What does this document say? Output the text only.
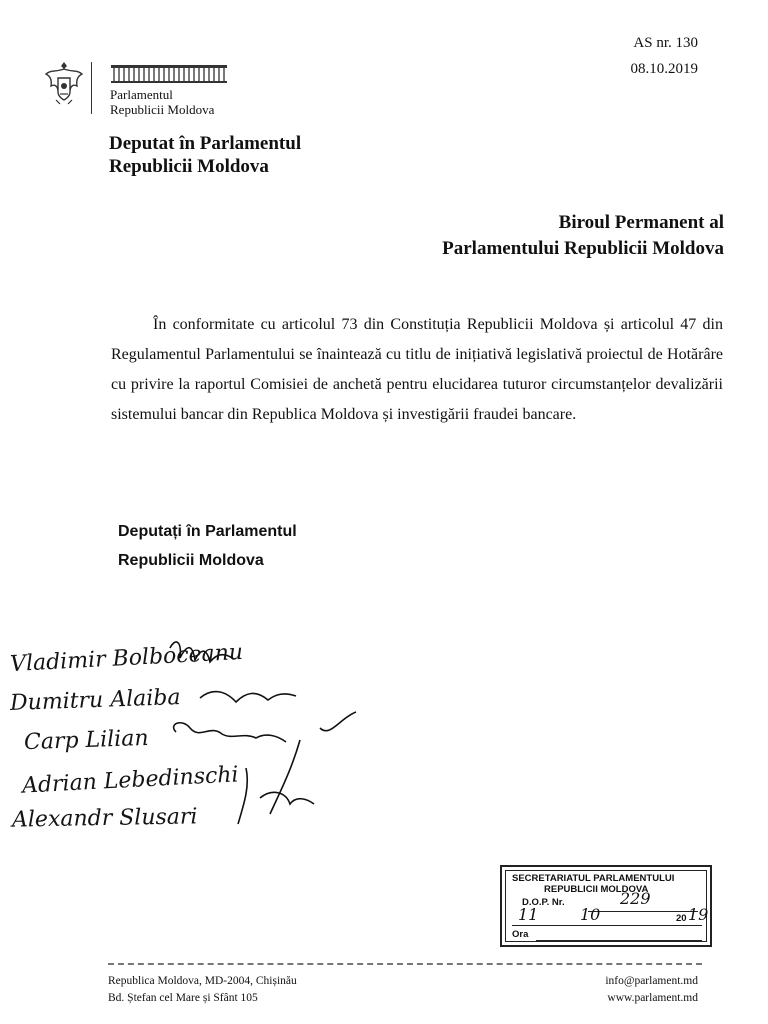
AS nr. 130
08.10.2019
Parlamentul
Republicii Moldova
Deputat în Parlamentul
Republicii Moldova
Biroul Permanent al
Parlamentului Republicii Moldova

În conformitate cu articolul 73 din Constituția Republicii Moldova și articolul 47 din Regulamentul Parlamentului se înaintează cu titlu de inițiativă legislativă proiectul de Hotărâre cu privire la raportul Comisiei de anchetă pentru elucidarea tuturor circumstanțelor devalizării sistemului bancar din Republica Moldova și investigării fraudei bancare.

Deputați în Parlamentul
Republicii Moldova
Vladimir Bolboceanu
Dumitru Alaiba
Carp Lilian
Adrian Lebedinschi
Alexandr Slusari
SECRETARIATUL PARLAMENTULUI
REPUBLICII MOLDOVA
D.O.P. Nr.	229
11	10	20 19
Ora
Republica Moldova, MD-2004, Chișinău
Bd. Ștefan cel Mare și Sfânt 105
info@parlament.md
www.parlament.md
